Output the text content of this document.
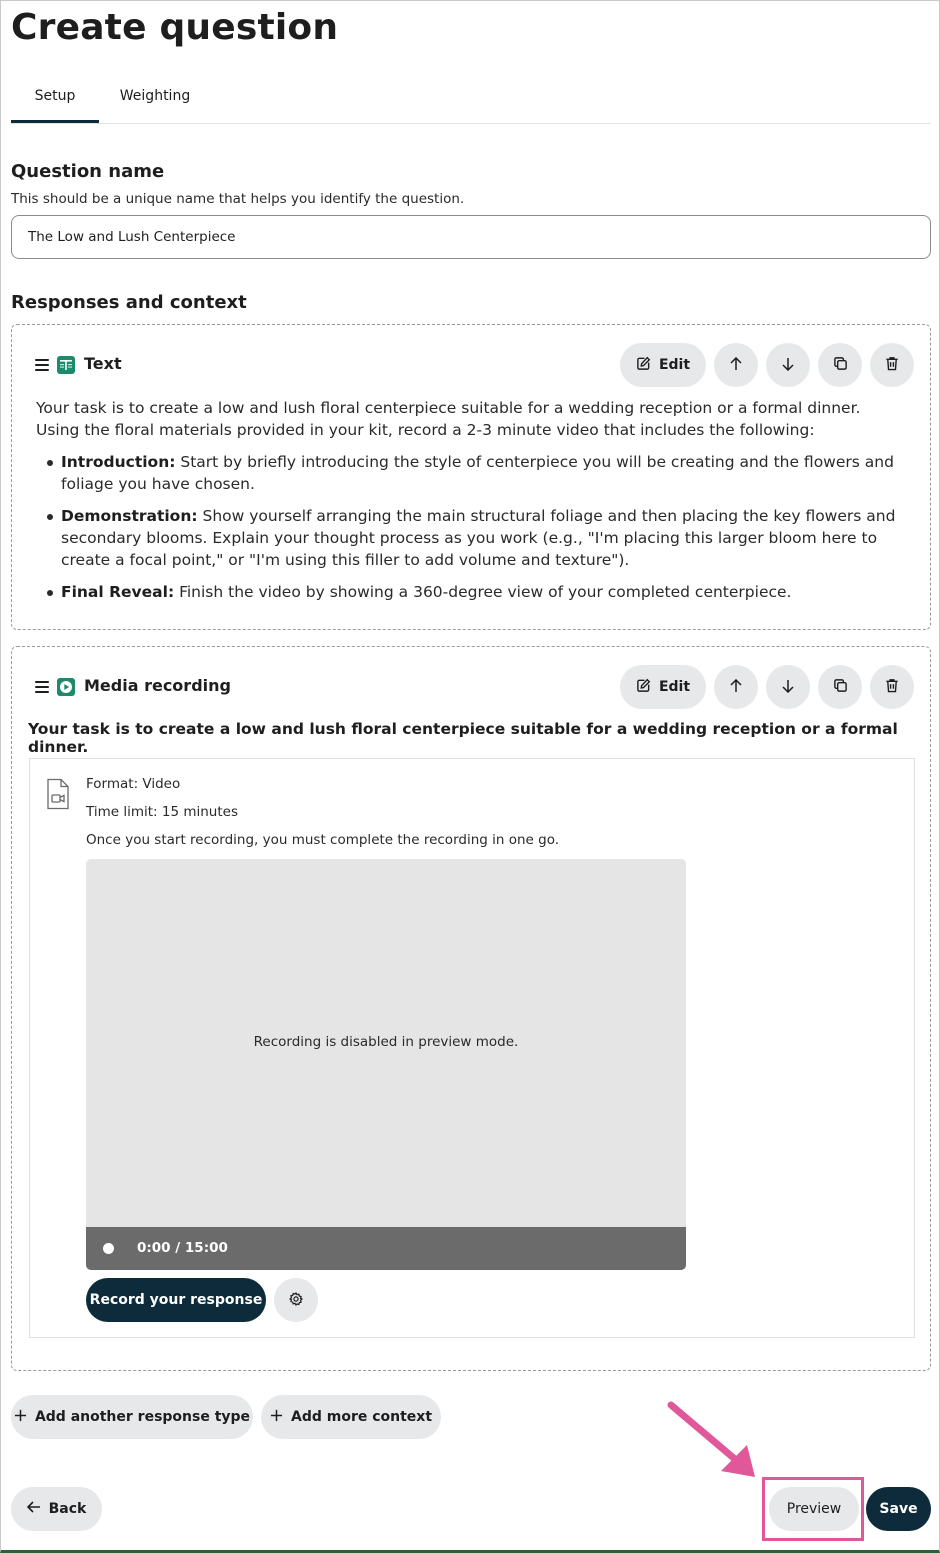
Create question
Setup	Weighting
Question name
This should be a unique name that helps you identify the question.
The Low and Lush Centerpiece
Responses and context
Text	Edit
Your task is to create a low and lush floral centerpiece suitable for a wedding reception or a formal dinner. Using the floral materials provided in your kit, record a 2-3 minute video that includes the following:
Introduction: Start by briefly introducing the style of centerpiece you will be creating and the flowers and foliage you have chosen.
Demonstration: Show yourself arranging the main structural foliage and then placing the key flowers and secondary blooms. Explain your thought process as you work (e.g., "I'm placing this larger bloom here to create a focal point," or "I'm using this filler to add volume and texture").
Final Reveal: Finish the video by showing a 360-degree view of your completed centerpiece.
Media recording	Edit
Your task is to create a low and lush floral centerpiece suitable for a wedding reception or a formal dinner.
Format: Video
Time limit: 15 minutes
Once you start recording, you must complete the recording in one go.
Recording is disabled in preview mode.
0:00 / 15:00
Record your response
Add another response type	Add more context
Back	Preview	Save
